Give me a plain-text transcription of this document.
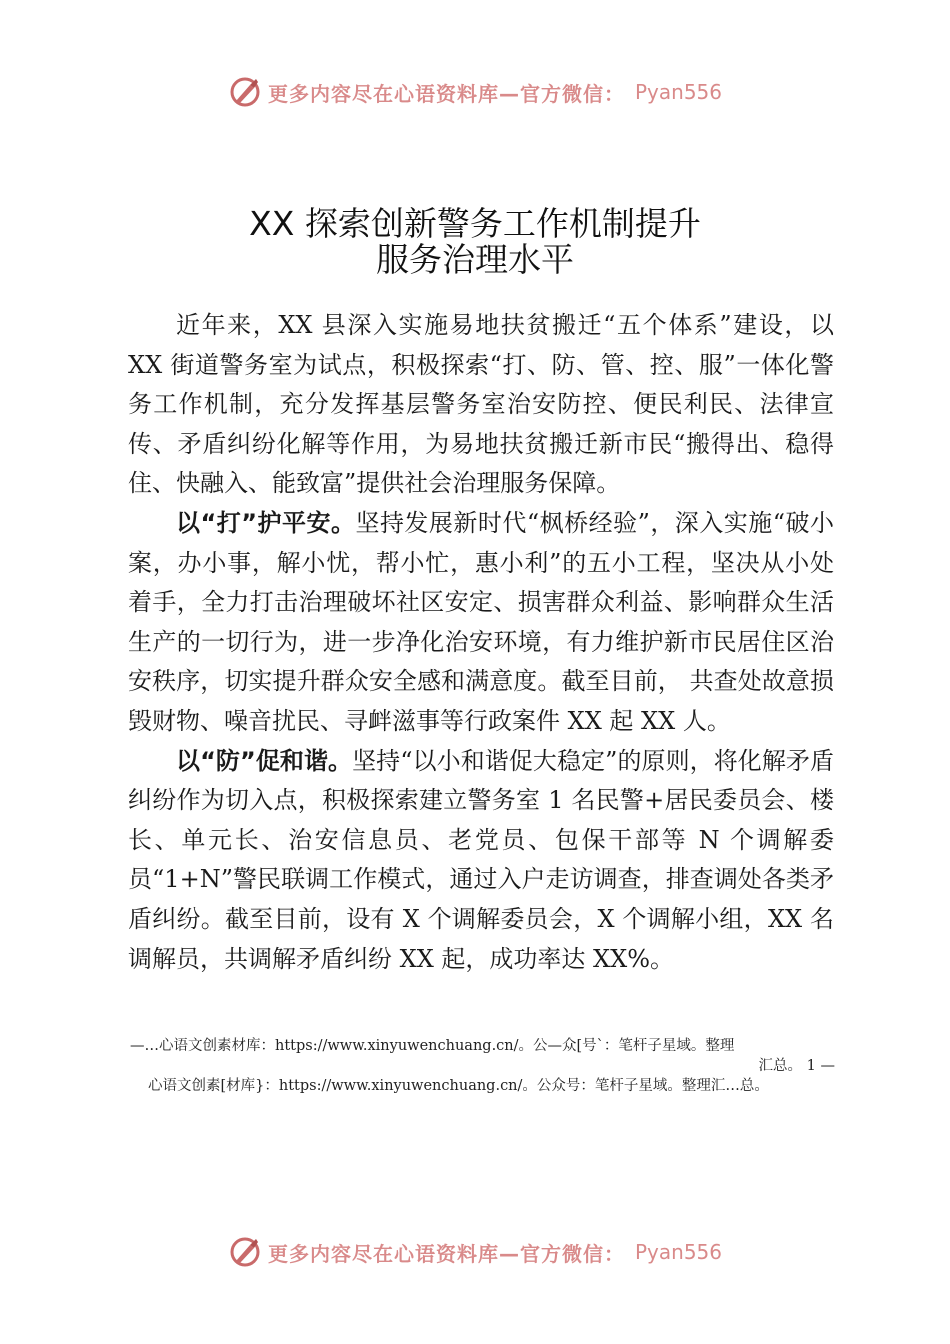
更多内容尽在心语资料库—官方微信： Pyan556
XX 探索创新警务工作机制提升
服务治理水平

近年来，XX 县深入实施易地扶贫搬迁“五个体系”建设，以 XX 街道警务室为试点，积极探索“打、防、管、控、服”一体化警务工作机制，充分发挥基层警务室治安防控、便民利民、法律宣传、矛盾纠纷化解等作用，为易地扶贫搬迁新市民“搬得出、稳得住、快融入、能致富”提供社会治理服务保障。

以“打”护平安。坚持发展新时代“枫桥经验”，深入实施“破小案，办小事，解小忧，帮小忙，惠小利”的五小工程，坚决从小处着手，全力打击治理破坏社区安定、损害群众利益、影响群众生活生产的一切行为，进一步净化治安环境，有力维护新市民居住区治安秩序，切实提升群众安全感和满意度。截至目前， 共查处故意损毁财物、噪音扰民、寻衅滋事等行政案件 XX 起 XX 人。

以“防”促和谐。坚持“以小和谐促大稳定”的原则，将化解矛盾纠纷作为切入点，积极探索建立警务室 1 名民警+居民委员会、楼长、单元长、治安信息员、老党员、包保干部等 N 个调解委员“1+N”警民联调工作模式，通过入户走访调查，排查调处各类矛盾纠纷。截至目前，设有 X 个调解委员会，X 个调解小组，XX 名调解员，共调解矛盾纠纷 XX 起，成功率达 XX%。

—…心语文创素材库：https://www.xinyuwenchuang.cn/。公—众[号`：笔杆子星域。整理
汇总。 1 —
心语文创素[材库}：https://www.xinyuwenchuang.cn/。公众号：笔杆子星域。整理汇…总。
更多内容尽在心语资料库—官方微信： Pyan556
